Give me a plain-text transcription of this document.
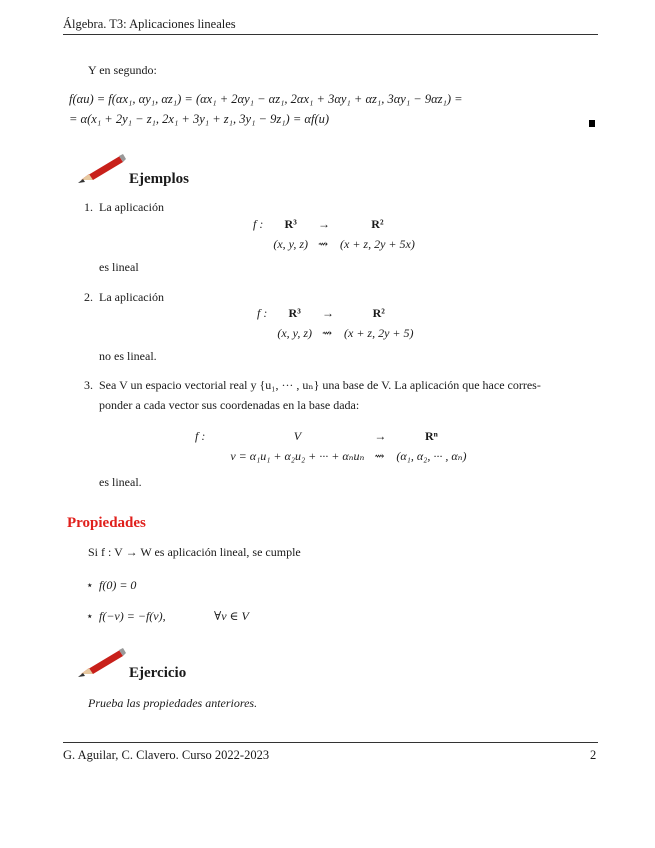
Álgebra. T3: Aplicaciones lineales
Y en segundo:
f(αu) = f(αx₁, αy₁, αz₁) = (αx₁ + 2αy₁ − αz₁, 2αx₁ + 3αy₁ + αz₁, 3αy₁ − 9αz₁) =
= α(x₁ + 2y₁ − z₁, 2x₁ + 3y₁ + z₁, 3y₁ − 9z₁) = αf(u)
Ejemplos
1. La aplicación
f :	R³	→	R²
	(x, y, z)	⇝	(x + z, 2y + 5x)
es lineal
2. La aplicación
f :	R³	→	R²
	(x, y, z)	⇝	(x + z, 2y + 5)
no es lineal.
3. Sea V un espacio vectorial real y {u₁, ··· , uₙ} una base de V. La aplicación que hace corres-
ponder a cada vector sus coordenadas en la base dada:
f :	V	→	Rⁿ
	v = α₁u₁ + α₂u₂ + ··· + αₙuₙ	⇝	(α₁, α₂, ··· , αₙ)
es lineal.
Propiedades
Si f : V → W es aplicación lineal, se cumple
⋆ f(0) = 0
⋆ f(−v) = −f(v),	∀v ∈ V
Ejercicio
Prueba las propiedades anteriores.
G. Aguilar, C. Clavero. Curso 2022-2023	2
